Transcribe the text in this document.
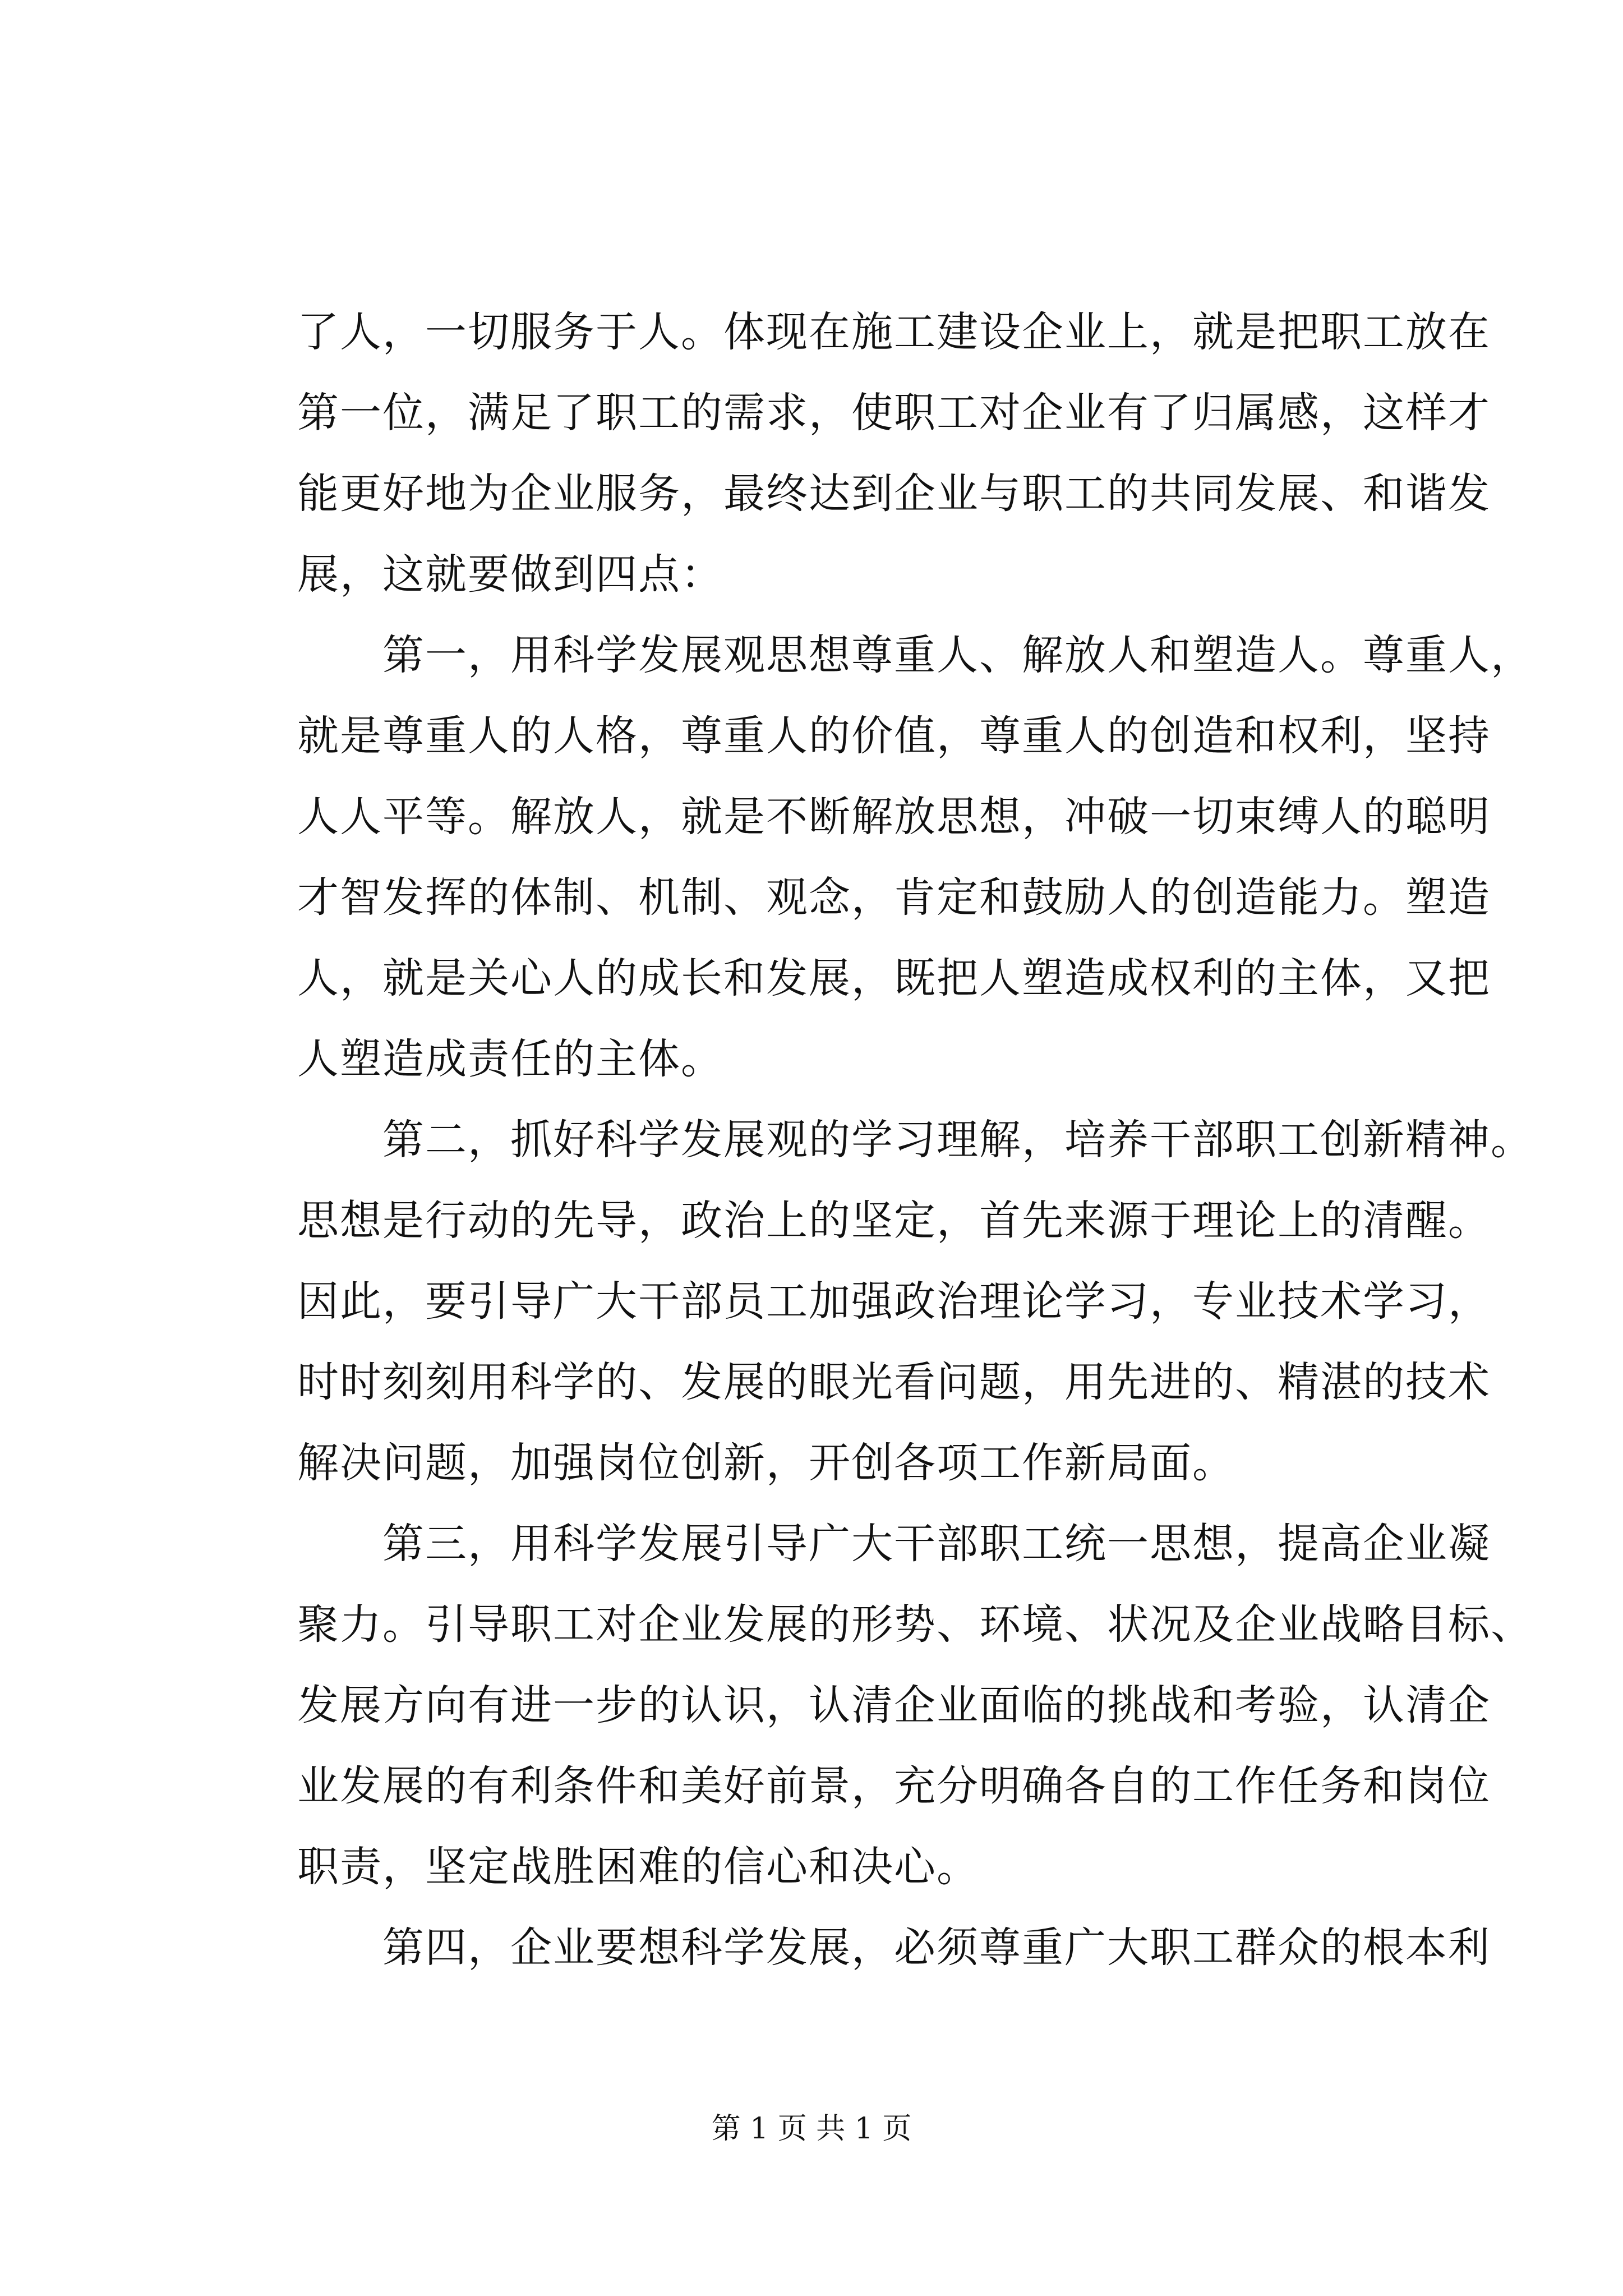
了人，一切服务于人。体现在施工建设企业上，就是把职工放在
第一位，满足了职工的需求，使职工对企业有了归属感，这样才
能更好地为企业服务，最终达到企业与职工的共同发展、和谐发
展，这就要做到四点：
第一，用科学发展观思想尊重人、解放人和塑造人。尊重人，
就是尊重人的人格，尊重人的价值，尊重人的创造和权利，坚持
人人平等。解放人，就是不断解放思想，冲破一切束缚人的聪明
才智发挥的体制、机制、观念，肯定和鼓励人的创造能力。塑造
人，就是关心人的成长和发展，既把人塑造成权利的主体，又把
人塑造成责任的主体。
第二，抓好科学发展观的学习理解，培养干部职工创新精神。
思想是行动的先导，政治上的坚定，首先来源于理论上的清醒。
因此，要引导广大干部员工加强政治理论学习，专业技术学习，
时时刻刻用科学的、发展的眼光看问题，用先进的、精湛的技术
解决问题，加强岗位创新，开创各项工作新局面。
第三，用科学发展引导广大干部职工统一思想，提高企业凝
聚力。引导职工对企业发展的形势、环境、状况及企业战略目标、
发展方向有进一步的认识，认清企业面临的挑战和考验，认清企
业发展的有利条件和美好前景，充分明确各自的工作任务和岗位
职责，坚定战胜困难的信心和决心。
第四，企业要想科学发展，必须尊重广大职工群众的根本利
第 1 页 共 1 页
